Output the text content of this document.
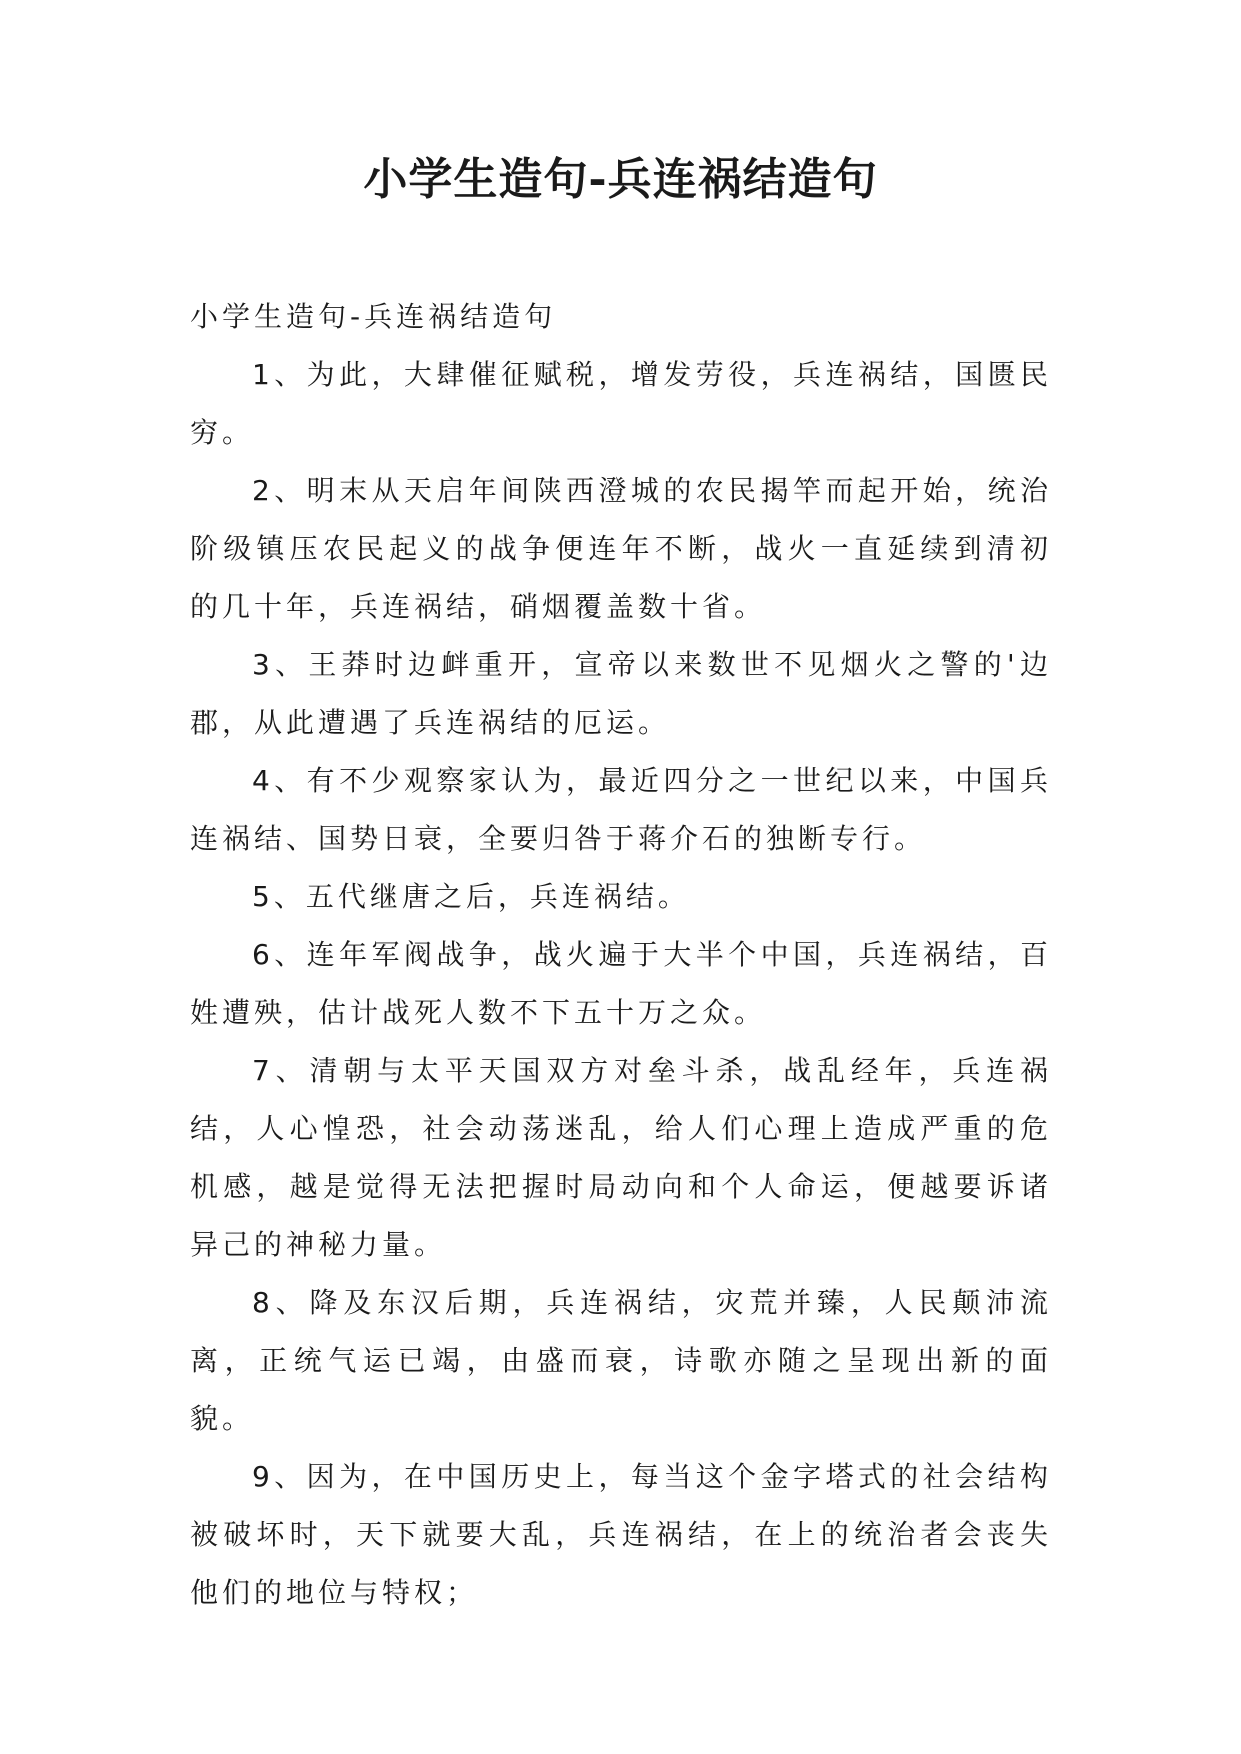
小学生造句-兵连祸结造句

小学生造句-兵连祸结造句

1、为此，大肆催征赋税，增发劳役，兵连祸结，国匮民穷。

2、明末从天启年间陕西澄城的农民揭竿而起开始，统治阶级镇压农民起义的战争便连年不断，战火一直延续到清初的几十年，兵连祸结，硝烟覆盖数十省。

3、王莽时边衅重开，宣帝以来数世不见烟火之警的'边郡，从此遭遇了兵连祸结的厄运。

4、有不少观察家认为，最近四分之一世纪以来，中国兵连祸结、国势日衰，全要归咎于蒋介石的独断专行。

5、五代继唐之后，兵连祸结。

6、连年军阀战争，战火遍于大半个中国，兵连祸结，百姓遭殃，估计战死人数不下五十万之众。

7、清朝与太平天国双方对垒斗杀，战乱经年，兵连祸结，人心惶恐，社会动荡迷乱，给人们心理上造成严重的危机感，越是觉得无法把握时局动向和个人命运，便越要诉诸异己的神秘力量。

8、降及东汉后期，兵连祸结，灾荒并臻，人民颠沛流离，正统气运已竭，由盛而衰，诗歌亦随之呈现出新的面貌。

9、因为，在中国历史上，每当这个金字塔式的社会结构被破坏时，天下就要大乱，兵连祸结，在上的统治者会丧失他们的地位与特权；
